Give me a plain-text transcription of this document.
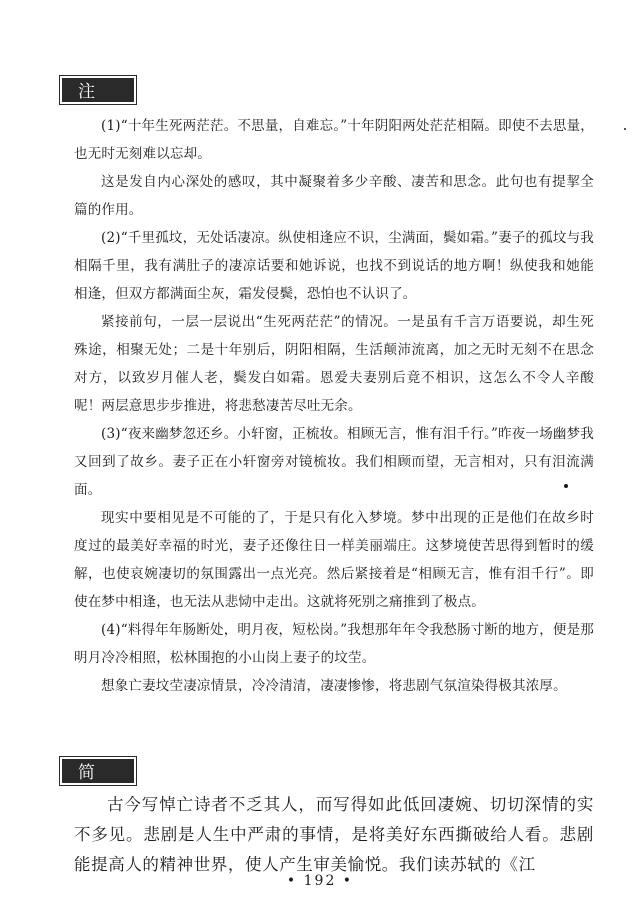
注释

(1)“十年生死两茫茫。不思量，自难忘。”十年阴阳两处茫茫相隔。即使不去思量，也无时无刻难以忘却。

这是发自内心深处的感叹，其中凝聚着多少辛酸、凄苦和思念。此句也有提挈全篇的作用。

(2)“千里孤坟，无处话凄凉。纵使相逢应不识，尘满面，鬓如霜。”妻子的孤坟与我相隔千里，我有满肚子的凄凉话要和她诉说，也找不到说话的地方啊！纵使我和她能相逢，但双方都满面尘灰，霜发侵鬓，恐怕也不认识了。

紧接前句，一层一层说出“生死两茫茫”的情况。一是虽有千言万语要说，却生死殊途，相聚无处；二是十年别后，阴阳相隔，生活颠沛流离，加之无时无刻不在思念对方，以致岁月催人老，鬓发白如霜。恩爱夫妻别后竟不相识，这怎么不令人辛酸呢！两层意思步步推进，将悲愁凄苦尽吐无余。

(3)“夜来幽梦忽还乡。小轩窗，正梳妆。相顾无言，惟有泪千行。”昨夜一场幽梦我又回到了故乡。妻子正在小轩窗旁对镜梳妆。我们相顾而望，无言相对，只有泪流满面。

现实中要相见是不可能的了，于是只有化入梦境。梦中出现的正是他们在故乡时度过的最美好幸福的时光，妻子还像往日一样美丽端庄。这梦境使苦思得到暂时的缓解，也使哀婉凄切的氛围露出一点光亮。然后紧接着是“相顾无言，惟有泪千行”。即使在梦中相逢，也无法从悲恸中走出。这就将死别之痛推到了极点。

(4)“料得年年肠断处，明月夜，短松岗。”我想那年年令我愁肠寸断的地方，便是那明月冷冷相照，松林围抱的小山岗上妻子的坟茔。

想象亡妻坟茔凄凉情景，冷冷清清，凄凄惨惨，将悲剧气氛渲染得极其浓厚。

简析

古今写悼亡诗者不乏其人，而写得如此低回凄婉、切切深情的实不多见。悲剧是人生中严肃的事情，是将美好东西撕破给人看。悲剧能提高人的精神世界，使人产生审美愉悦。我们读苏轼的《江

• 192 •
